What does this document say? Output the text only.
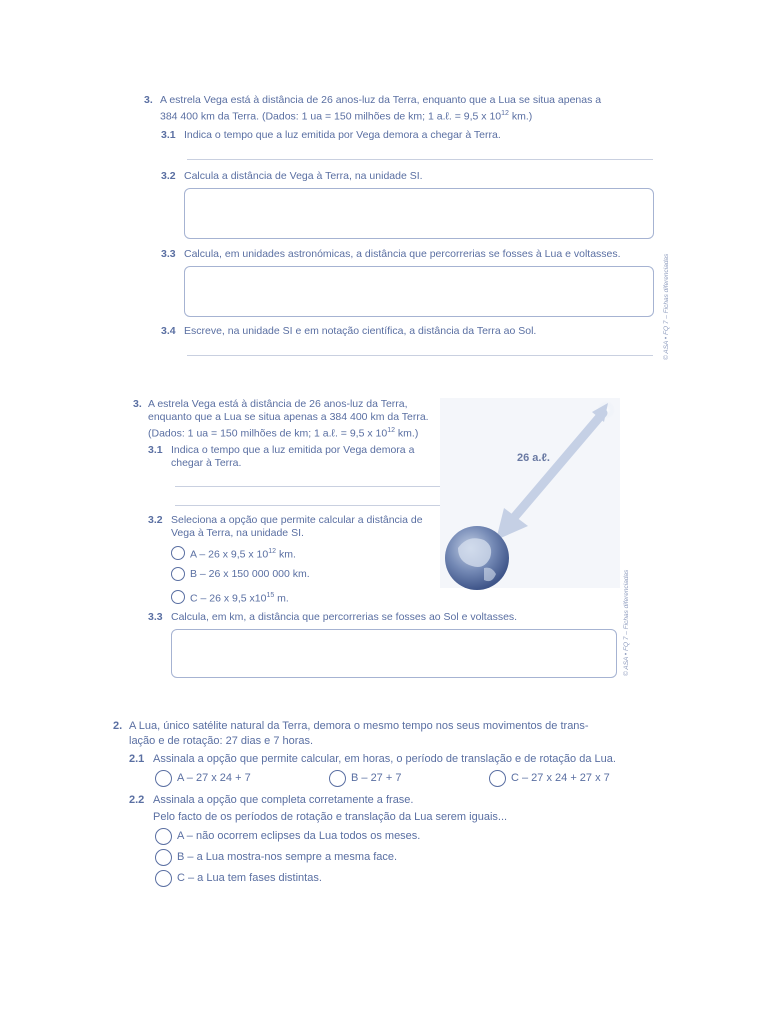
3. A estrela Vega está à distância de 26 anos-luz da Terra, enquanto que a Lua se situa apenas a
384 400 km da Terra. (Dados: 1 ua = 150 milhões de km; 1 a.ℓ. = 9,5 x $10^{12}$ km.)
3.1 Indica o tempo que a luz emitida por Vega demora a chegar à Terra.
3.2 Calcula a distância de Vega à Terra, na unidade SI.
3.3 Calcula, em unidades astronómicas, a distância que percorrerias se fosses à Lua e voltasses.
3.4 Escreve, na unidade SI e em notação científica, a distância da Terra ao Sol.	© ASA • FQ 7 – Fichas diferenciadas
3. A estrela Vega está à distância de 26 anos-luz da Terra,
enquanto que a Lua se situa apenas a 384 400 km da Terra.
(Dados: 1 ua = 150 milhões de km; 1 a.ℓ. = 9,5 x $10^{12}$ km.)
3.1 Indica o tempo que a luz emitida por Vega demora a
chegar à Terra.
3.2 Seleciona a opção que permite calcular a distância de
Vega à Terra, na unidade SI.
A – 26 x 9,5 x $10^{12}$ km.
B – 26 x 150 000 000 km.
C – 26 x 9,5 $x10^{15}$ m.
3.3 Calcula, em km, a distância que percorrerias se fosses ao Sol e voltasses.
26 a.ℓ.
© ASA • FQ 7 – Fichas diferenciadas
2. A Lua, único satélite natural da Terra, demora o mesmo tempo nos seus movimentos de trans-
lação e de rotação: 27 dias e 7 horas.
2.1 Assinala a opção que permite calcular, em horas, o período de translação e de rotação da Lua.
A – 27 x 24 + 7	B – 27 + 7	C – 27 x 24 + 27 x 7
2.2 Assinala a opção que completa corretamente a frase.
Pelo facto de os períodos de rotação e translação da Lua serem iguais...
A – não ocorrem eclipses da Lua todos os meses.
B – a Lua mostra-nos sempre a mesma face.
C – a Lua tem fases distintas.
